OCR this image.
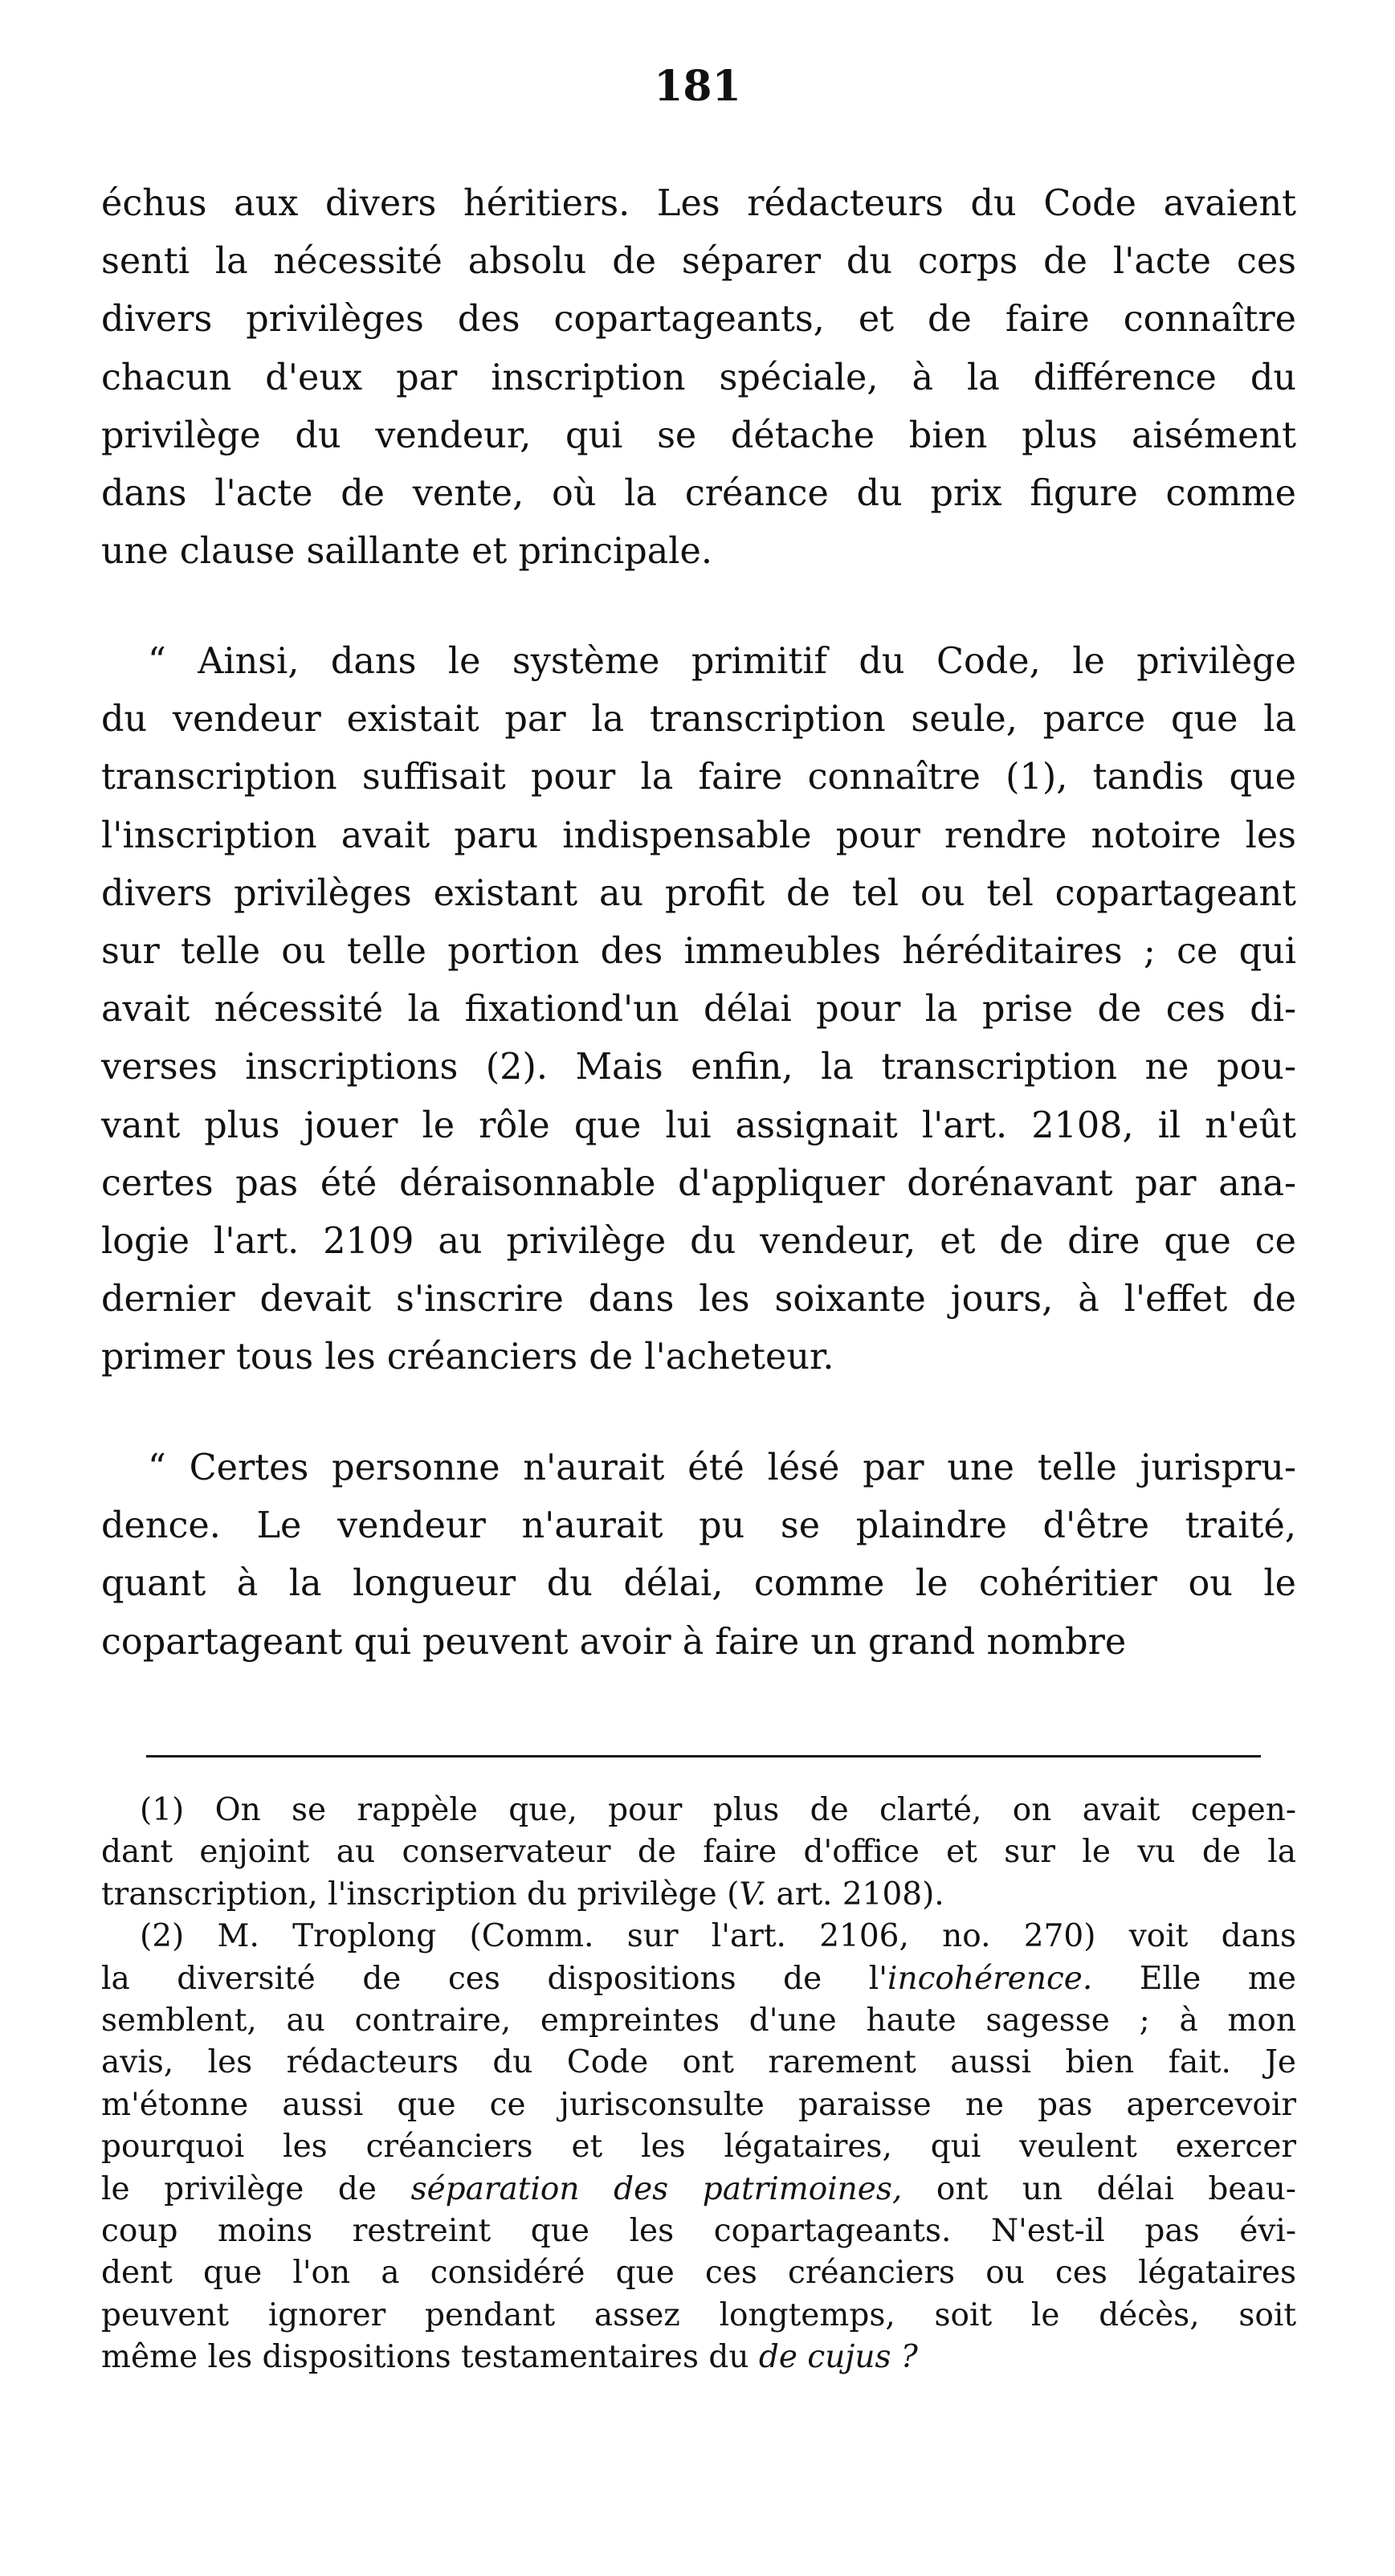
181
échus aux divers héritiers. Les rédacteurs du Code avaient
senti la nécessité absolu de séparer du corps de l'acte ces
divers privilèges des copartageants, et de faire connaître
chacun d'eux par inscription spéciale, à la différence du
privilège du vendeur, qui se détache bien plus aisément
dans l'acte de vente, où la créance du prix figure comme
une clause saillante et principale.
“ Ainsi, dans le système primitif du Code, le privilège
du vendeur existait par la transcription seule, parce que la
transcription suffisait pour la faire connaître (1), tandis que
l'inscription avait paru indispensable pour rendre notoire les
divers privilèges existant au profit de tel ou tel copartageant
sur telle ou telle portion des immeubles héréditaires ; ce qui
avait nécessité la fixationd'un délai pour la prise de ces di-
verses inscriptions (2). Mais enfin, la transcription ne pou-
vant plus jouer le rôle que lui assignait l'art. 2108, il n'eût
certes pas été déraisonnable d'appliquer dorénavant par ana-
logie l'art. 2109 au privilège du vendeur, et de dire que ce
dernier devait s'inscrire dans les soixante jours, à l'effet de
primer tous les créanciers de l'acheteur.
“ Certes personne n'aurait été lésé par une telle jurispru-
dence. Le vendeur n'aurait pu se plaindre d'être traité,
quant à la longueur du délai, comme le cohéritier ou le
copartageant qui peuvent avoir à faire un grand nombre
(1) On se rappèle que, pour plus de clarté, on avait cepen-
dant enjoint au conservateur de faire d'office et sur le vu de la
transcription, l'inscription du privilège (V. art. 2108).
(2) M. Troplong (Comm. sur l'art. 2106, no. 270) voit dans
la diversité de ces dispositions de l'incohérence. Elle me
semblent, au contraire, empreintes d'une haute sagesse ; à mon
avis, les rédacteurs du Code ont rarement aussi bien fait. Je
m'étonne aussi que ce jurisconsulte paraisse ne pas apercevoir
pourquoi les créanciers et les légataires, qui veulent exercer
le privilège de séparation des patrimoines, ont un délai beau-
coup moins restreint que les copartageants. N'est-il pas évi-
dent que l'on a considéré que ces créanciers ou ces légataires
peuvent ignorer pendant assez longtemps, soit le décès, soit
même les dispositions testamentaires du de cujus ?
